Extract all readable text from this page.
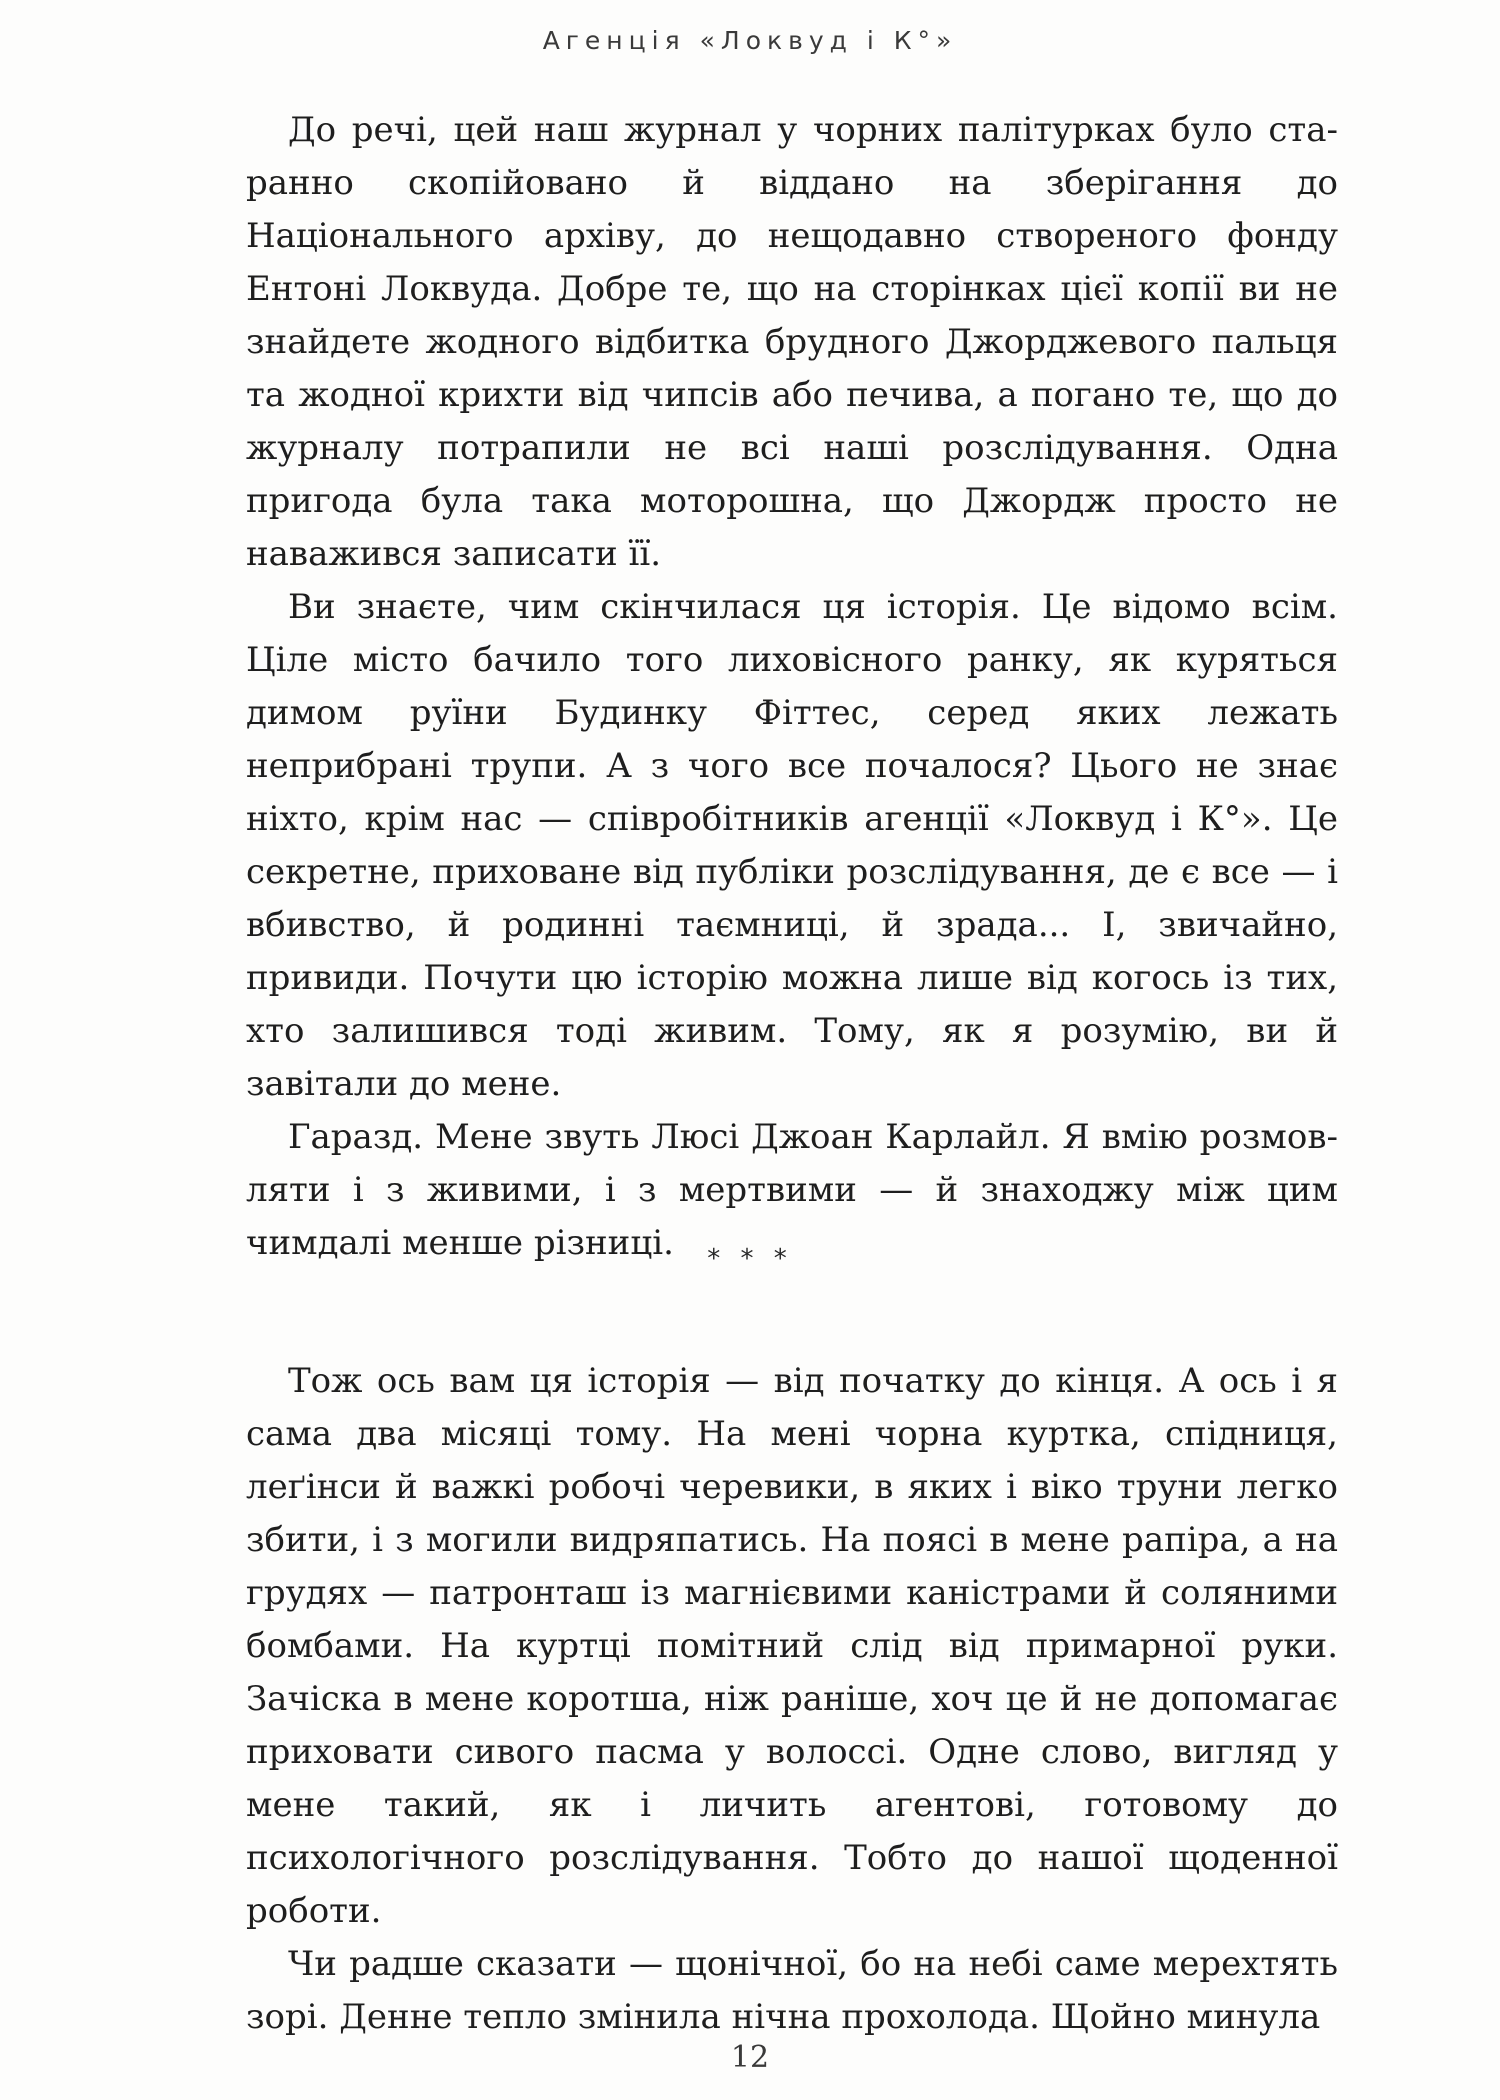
Агенція «Локвуд і К°»

До речі, цей наш журнал у чорних палітурках було старанно скопійовано й віддано на зберігання до Національного архіву, до нещодавно створеного фонду Ентоні Локвуда. Добре те, що на сторінках цієї копії ви не знайдете жодного відбитка брудного Джорджевого пальця та жодної крихти від чипсів або печива, а погано те, що до журналу потрапили не всі наші розслідування. Одна пригода була така моторошна, що Джордж просто не наважився записати її.

Ви знаєте, чим скінчилася ця історія. Це відомо всім. Ціле місто бачило того лиховісного ранку, як куряться димом руїни Будинку Фіттес, серед яких лежать неприбрані трупи. А з чого все почалося? Цього не знає ніхто, крім нас — співробітників агенції «Локвуд і К°». Це секретне, приховане від публіки розслідування, де є все — і вбивство, й родинні таємниці, й зрада... І, звичайно, привиди. Почути цю історію можна лише від когось із тих, хто залишився тоді живим. Тому, як я розумію, ви й завітали до мене.

Гаразд. Мене звуть Люсі Джоан Карлайл. Я вмію розмовляти і з живими, і з мертвими — й знаходжу між цим чимдалі менше різниці.	* * *

Тож ось вам ця історія — від початку до кінця. А ось і я сама два місяці тому. На мені чорна куртка, спідниця, леґінси й важкі робочі черевики, в яких і віко труни легко збити, і з могили видряпатись. На поясі в мене рапіра, а на грудях — патронташ із магнієвими каністрами й соляними бомбами. На куртці помітний слід від примарної руки. Зачіска в мене коротша, ніж раніше, хоч це й не допомагає приховати сивого пасма у волоссі. Одне слово, вигляд у мене такий, як і личить агентові, готовому до психологічного розслідування. Тобто до нашої щоденної роботи.

Чи радше сказати — щонічної, бо на небі саме мерехтять зорі. Денне тепло змінила нічна прохолода. Щойно минула

12
